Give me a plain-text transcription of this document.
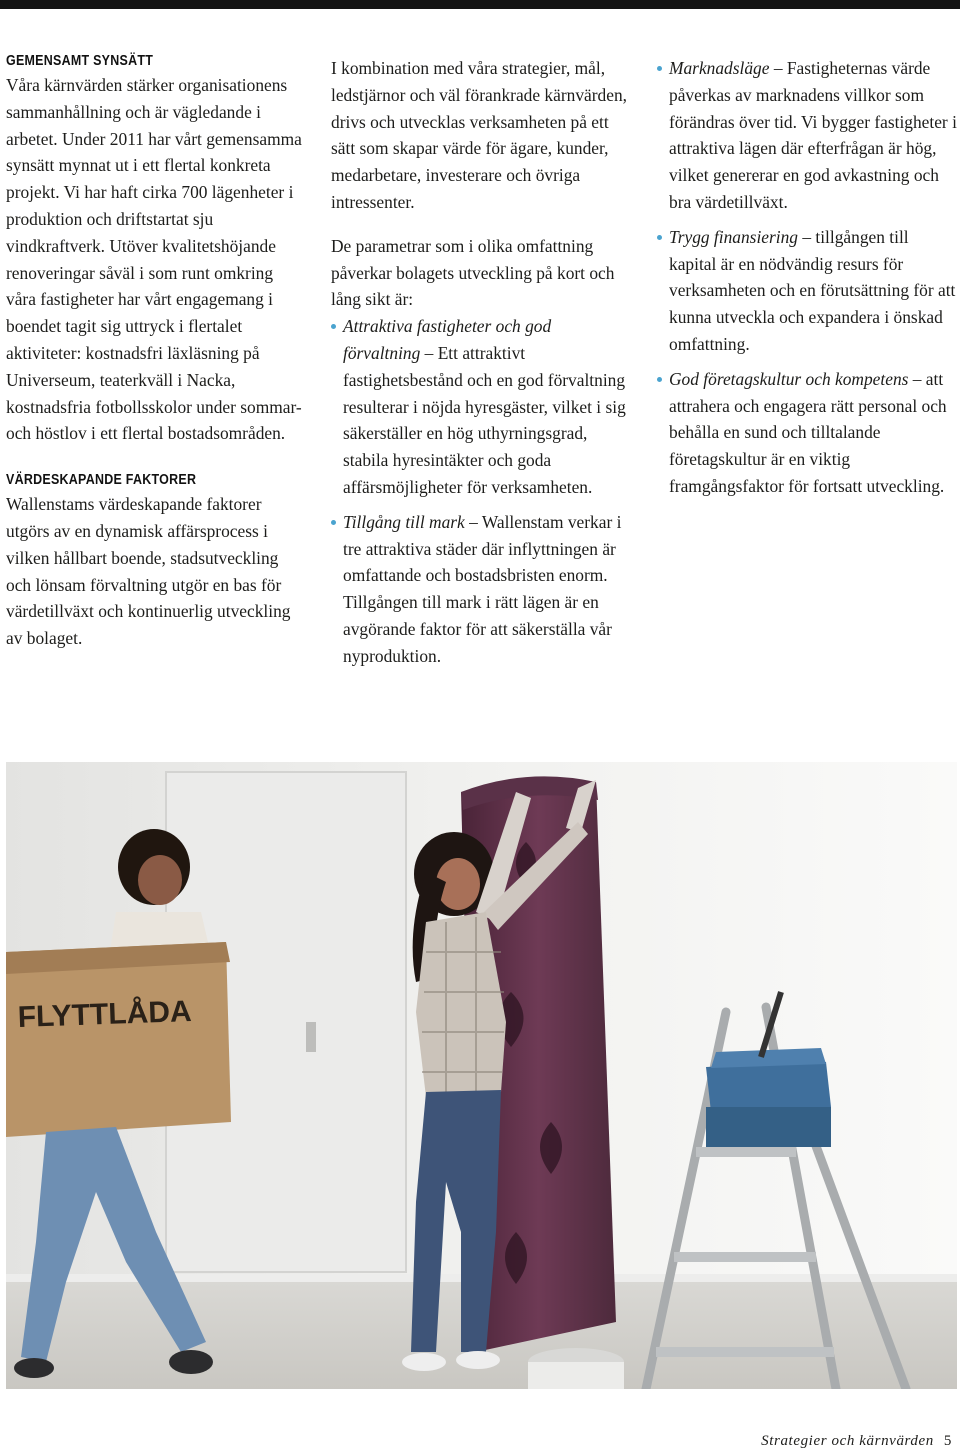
GEMENSAMT SYNSÄTT

Våra kärnvärden stärker organisationens sammanhållning och är vägledande i arbetet. Under 2011 har vårt gemensamma synsätt mynnat ut i ett flertal konkreta projekt. Vi har haft cirka 700 lägenheter i produktion och driftstartat sju vindkraftverk. Utöver kvalitetshöjande renoveringar såväl i som runt omkring våra fastigheter har vårt engagemang i boendet tagit sig uttryck i flertalet aktiviteter: kostnadsfri läxläsning på Universeum, teaterkväll i Nacka, kostnadsfria fotbollsskolor under sommar- och höstlov i ett flertal bostadsområden.

VÄRDESKAPANDE FAKTORER

Wallenstams värdeskapande faktorer utgörs av en dynamisk affärsprocess i vilken hållbart boende, stadsutveckling och lönsam förvaltning utgör en bas för värdetillväxt och kontinuerlig utveckling av bolaget.

I kombination med våra strategier, mål, ledstjärnor och väl förankrade kärnvärden, drivs och utvecklas verksamheten på ett sätt som skapar värde för ägare, kunder, medarbetare, investerare och övriga intressenter.

De parametrar som i olika omfattning påverkar bolagets utveckling på kort och lång sikt är:

Attraktiva fastigheter och god förvaltning – Ett attraktivt fastighetsbestånd och en god förvaltning resulterar i nöjda hyresgäster, vilket i sig säkerställer en hög uthyrningsgrad, stabila hyresintäkter och goda affärsmöjligheter för verksamheten.
Tillgång till mark – Wallenstam verkar i tre attraktiva städer där inflyttningen är omfattande och bostadsbristen enorm. Tillgången till mark i rätt lägen är en avgörande faktor för att säkerställa vår nyproduktion.
Marknadsläge – Fastigheternas värde påverkas av marknadens villkor som förändras över tid. Vi bygger fastigheter i attraktiva lägen där efterfrågan är hög, vilket genererar en god avkastning och bra värdetillväxt.
Trygg finansiering – tillgången till kapital är en nödvändig resurs för verksamheten och en förutsättning för att kunna utveckla och expandera i önskad omfattning.
God företagskultur och kompetens – att attrahera och engagera rätt personal och behålla en sund och tilltalande företagskultur är en viktig framgångsfaktor för fortsatt utveckling.
FLYTTLÅDA
Strategier och kärnvärden 5
